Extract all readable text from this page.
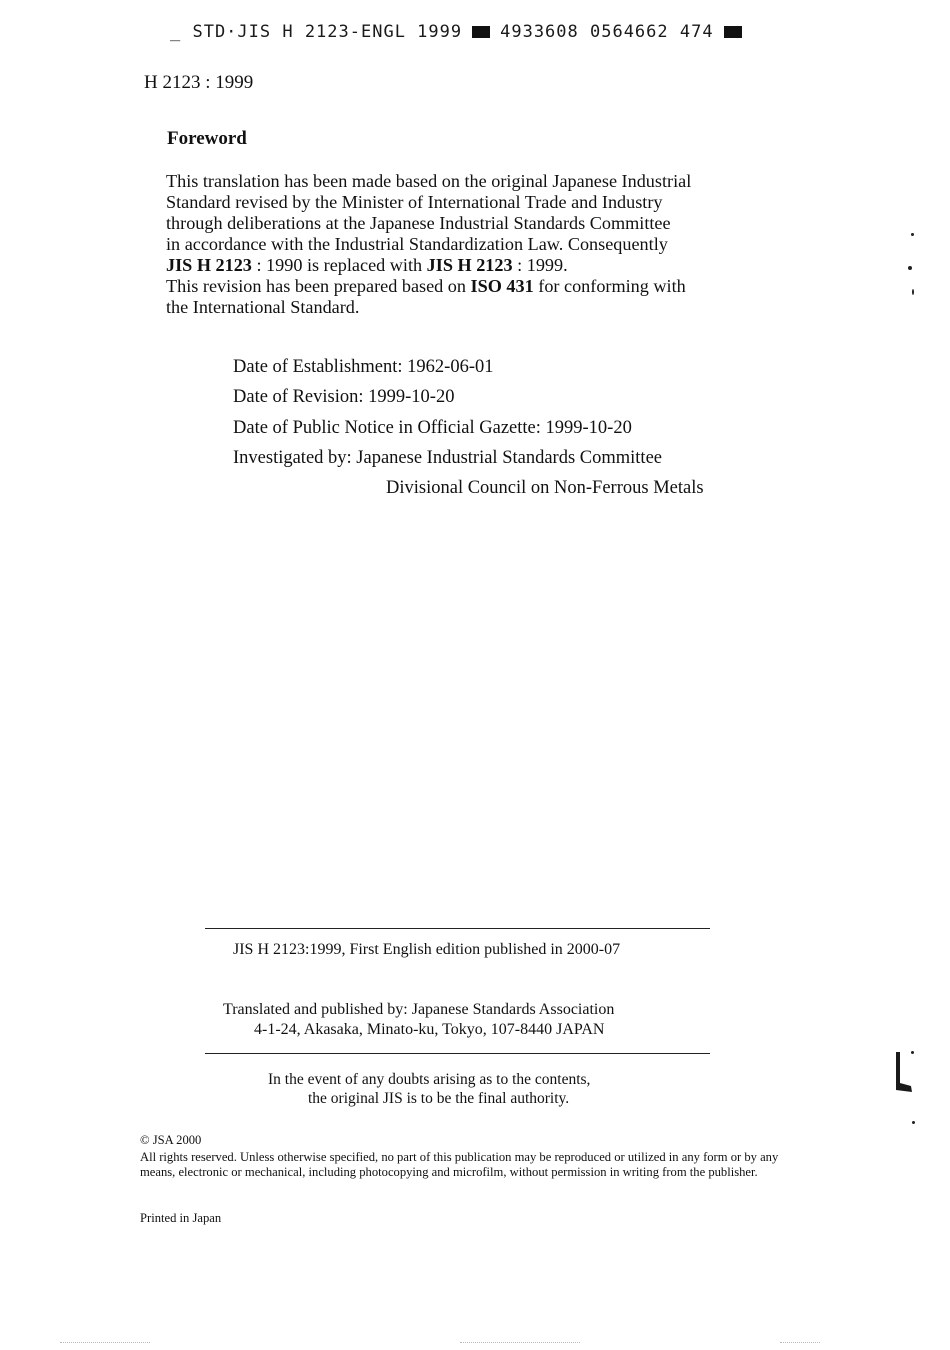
_ STD·JIS H 2123-ENGL 1999 4933608 0564662 474
H 2123 : 1999
Foreword
This translation has been made based on the original Japanese Industrial
Standard revised by the Minister of International Trade and Industry
through deliberations at the Japanese Industrial Standards Committee
in accordance with the Industrial Standardization Law. Consequently
JIS H 2123 : 1990 is replaced with JIS H 2123 : 1999.
This revision has been prepared based on ISO 431 for conforming with
the International Standard.
Date of Establishment: 1962-06-01
Date of Revision: 1999-10-20
Date of Public Notice in Official Gazette: 1999-10-20
Investigated by: Japanese Industrial Standards Committee
Divisional Council on Non-Ferrous Metals
JIS H 2123:1999, First English edition published in 2000-07
Translated and published by: Japanese Standards Association
4-1-24, Akasaka, Minato-ku, Tokyo, 107-8440 JAPAN
In the event of any doubts arising as to the contents,
the original JIS is to be the final authority.
© JSA 2000
All rights reserved. Unless otherwise specified, no part of this publication may be reproduced or utilized in any form or by any means, electronic or mechanical, including photocopying and microfilm, without permission in writing from the publisher.
Printed in Japan
